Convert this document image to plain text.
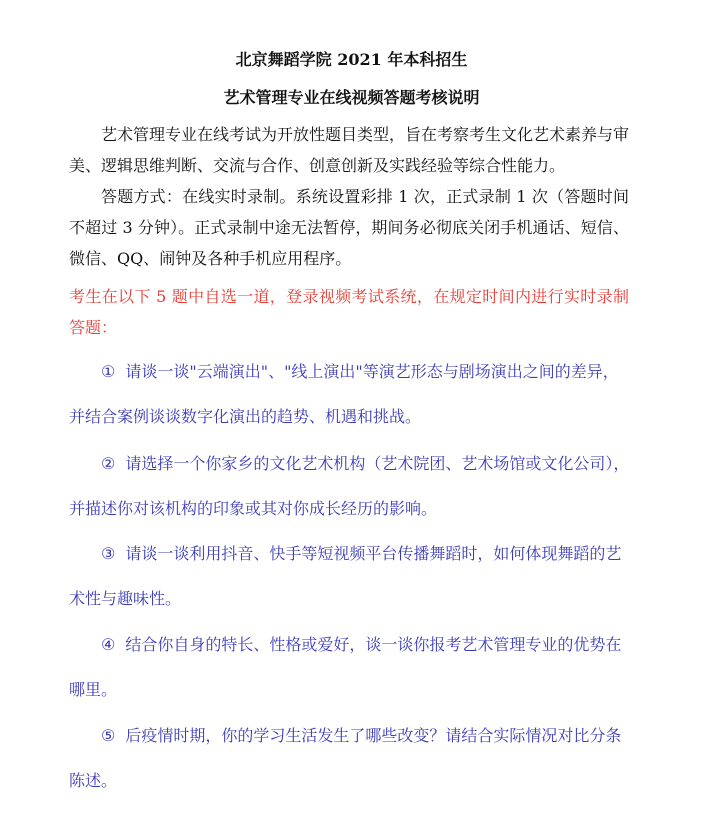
北京舞蹈学院 2021 年本科招生
艺术管理专业在线视频答题考核说明
艺术管理专业在线考试为开放性题目类型，旨在考察考生文化艺术素养与审美、逻辑思维判断、交流与合作、创意创新及实践经验等综合性能力。
答题方式：在线实时录制。系统设置彩排 1 次，正式录制 1 次（答题时间不超过 3 分钟）。正式录制中途无法暂停，期间务必彻底关闭手机通话、短信、微信、QQ、闹钟及各种手机应用程序。
考生在以下 5 题中自选一道，登录视频考试系统，在规定时间内进行实时录制答题：
① 请谈一谈"云端演出"、"线上演出"等演艺形态与剧场演出之间的差异，
并结合案例谈谈数字化演出的趋势、机遇和挑战。
② 请选择一个你家乡的文化艺术机构（艺术院团、艺术场馆或文化公司），
并描述你对该机构的印象或其对你成长经历的影响。
③ 请谈一谈利用抖音、快手等短视频平台传播舞蹈时，如何体现舞蹈的艺
术性与趣味性。
④ 结合你自身的特长、性格或爱好，谈一谈你报考艺术管理专业的优势在
哪里。
⑤ 后疫情时期，你的学习生活发生了哪些改变？请结合实际情况对比分条
陈述。
